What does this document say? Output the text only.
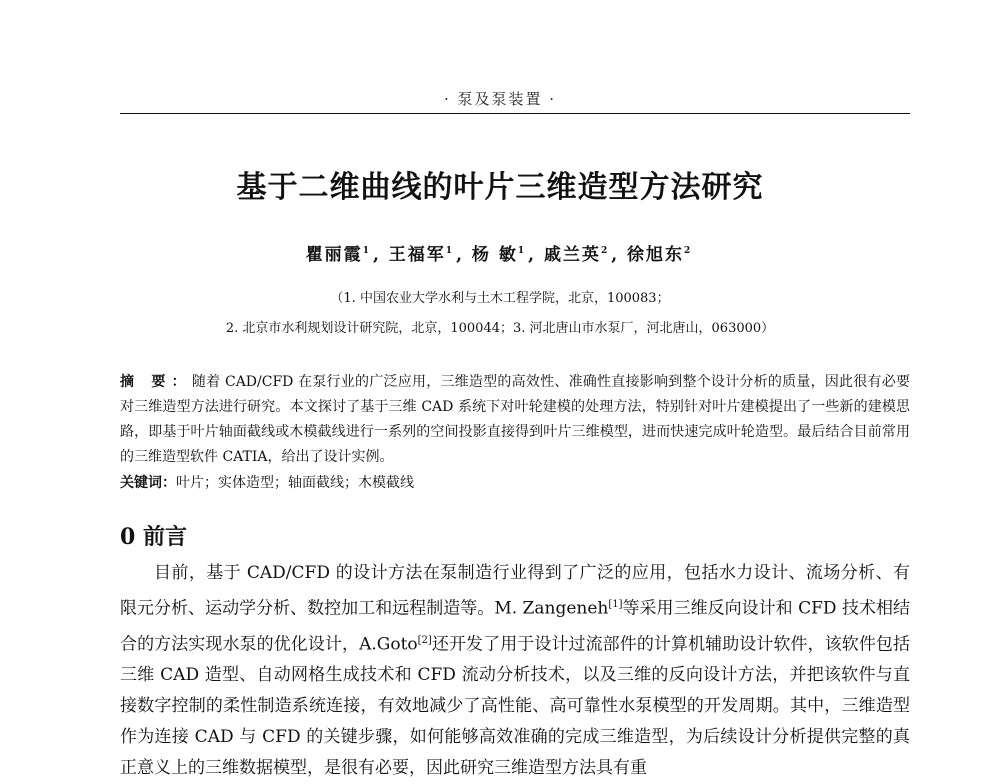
· 泵及泵装置 ·
基于二维曲线的叶片三维造型方法研究
瞿丽霞$^1$ , 王福军$^1$ , 杨 敏$^1$ , 戚兰英$^2$ , 徐旭东$^2$
（1. 中国农业大学水利与土木工程学院，北京，100083；
2. 北京市水利规划设计研究院，北京，100044；3. 河北唐山市水泵厂，河北唐山，063000）
摘 要：随着 CAD/CFD 在泵行业的广泛应用，三维造型的高效性、准确性直接影响到整个设计分析的质量，因此很有必要对三维造型方法进行研究。本文探讨了基于三维 CAD 系统下对叶轮建模的处理方法，特别针对叶片建模提出了一些新的建模思路，即基于叶片轴面截线或木模截线进行一系列的空间投影直接得到叶片三维模型，进而快速完成叶轮造型。最后结合目前常用的三维造型软件 CATIA，给出了设计实例。
关键词：叶片；实体造型；轴面截线；木模截线
0 前言
目前，基于 CAD/CFD 的设计方法在泵制造行业得到了广泛的应用，包括水力设计、流场分析、有限元分析、运动学分析、数控加工和远程制造等。M. Zangeneh[1]等采用三维反向设计和 CFD 技术相结合的方法实现水泵的优化设计，A.Goto[2]还开发了用于设计过流部件的计算机辅助设计软件，该软件包括三维 CAD 造型、自动网格生成技术和 CFD 流动分析技术，以及三维的反向设计方法，并把该软件与直接数字控制的柔性制造系统连接，有效地减少了高性能、高可靠性水泵模型的开发周期。其中，三维造型作为连接 CAD 与 CFD 的关键步骤，如何能够高效准确的完成三维造型，为后续设计分析提供完整的真正意义上的三维数据模型，是很有必要，因此研究三维造型方法具有重
